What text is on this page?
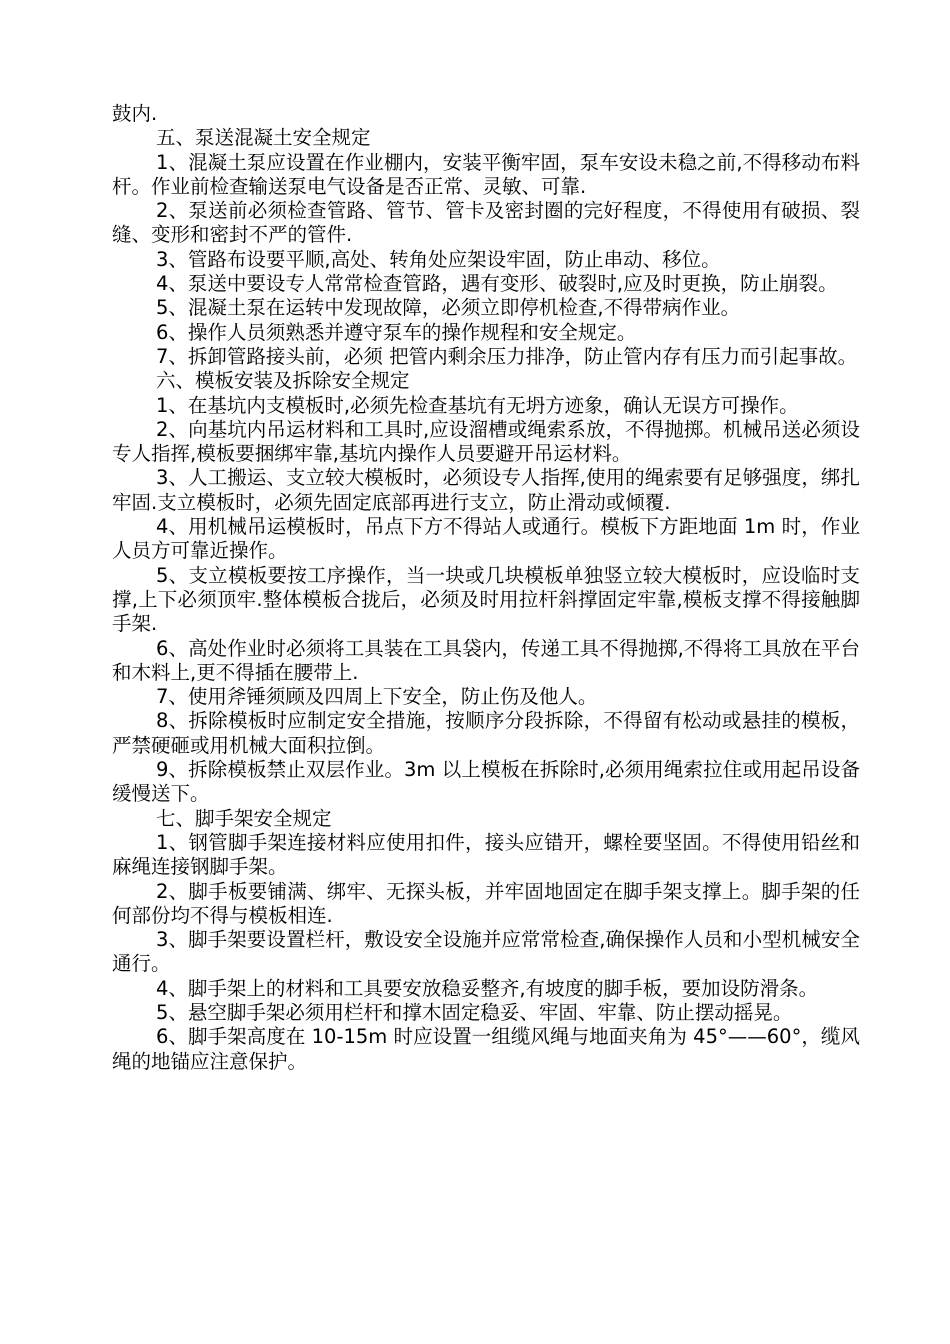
鼓内.

五、泵送混凝土安全规定

1、混凝土泵应设置在作业棚内，安装平衡牢固，泵车安设未稳之前,不得移动布料杆。作业前检查输送泵电气设备是否正常、灵敏、可靠.

2、泵送前必须检查管路、管节、管卡及密封圈的完好程度，不得使用有破损、裂缝、变形和密封不严的管件.

3、管路布设要平顺,高处、转角处应架设牢固，防止串动、移位。

4、泵送中要设专人常常检查管路，遇有变形、破裂时,应及时更换，防止崩裂。

5、混凝土泵在运转中发现故障，必须立即停机检查,不得带病作业。

6、操作人员须熟悉并遵守泵车的操作规程和安全规定。

7、拆卸管路接头前，必须 把管内剩余压力排净，防止管内存有压力而引起事故。

六、模板安装及拆除安全规定

1、在基坑内支模板时,必须先检查基坑有无坍方迹象，确认无误方可操作。

2、向基坑内吊运材料和工具时,应设溜槽或绳索系放，不得抛掷。机械吊送必须设专人指挥,模板要捆绑牢靠,基坑内操作人员要避开吊运材料。

3、人工搬运、支立较大模板时，必须设专人指挥,使用的绳索要有足够强度，绑扎牢固.支立模板时，必须先固定底部再进行支立，防止滑动或倾覆.

4、用机械吊运模板时，吊点下方不得站人或通行。模板下方距地面 1m 时，作业人员方可靠近操作。

5、支立模板要按工序操作，当一块或几块模板单独竖立较大模板时，应设临时支撑,上下必须顶牢.整体模板合拢后，必须及时用拉杆斜撑固定牢靠,模板支撑不得接触脚手架.

6、高处作业时必须将工具装在工具袋内，传递工具不得抛掷,不得将工具放在平台和木料上,更不得插在腰带上.

7、使用斧锤须顾及四周上下安全，防止伤及他人。

8、拆除模板时应制定安全措施，按顺序分段拆除，不得留有松动或悬挂的模板，严禁硬砸或用机械大面积拉倒。

9、拆除模板禁止双层作业。3m 以上模板在拆除时,必须用绳索拉住或用起吊设备缓慢送下。

七、脚手架安全规定

1、钢管脚手架连接材料应使用扣件，接头应错开，螺栓要坚固。不得使用铅丝和麻绳连接钢脚手架。

2、脚手板要铺满、绑牢、无探头板，并牢固地固定在脚手架支撑上。脚手架的任何部份均不得与模板相连.

3、脚手架要设置栏杆，敷设安全设施并应常常检查,确保操作人员和小型机械安全通行。

4、脚手架上的材料和工具要安放稳妥整齐,有坡度的脚手板，要加设防滑条。

5、悬空脚手架必须用栏杆和撑木固定稳妥、牢固、牢靠、防止摆动摇晃。

6、脚手架高度在 10-15m 时应设置一组缆风绳与地面夹角为 45°——60°，缆风绳的地锚应注意保护。
